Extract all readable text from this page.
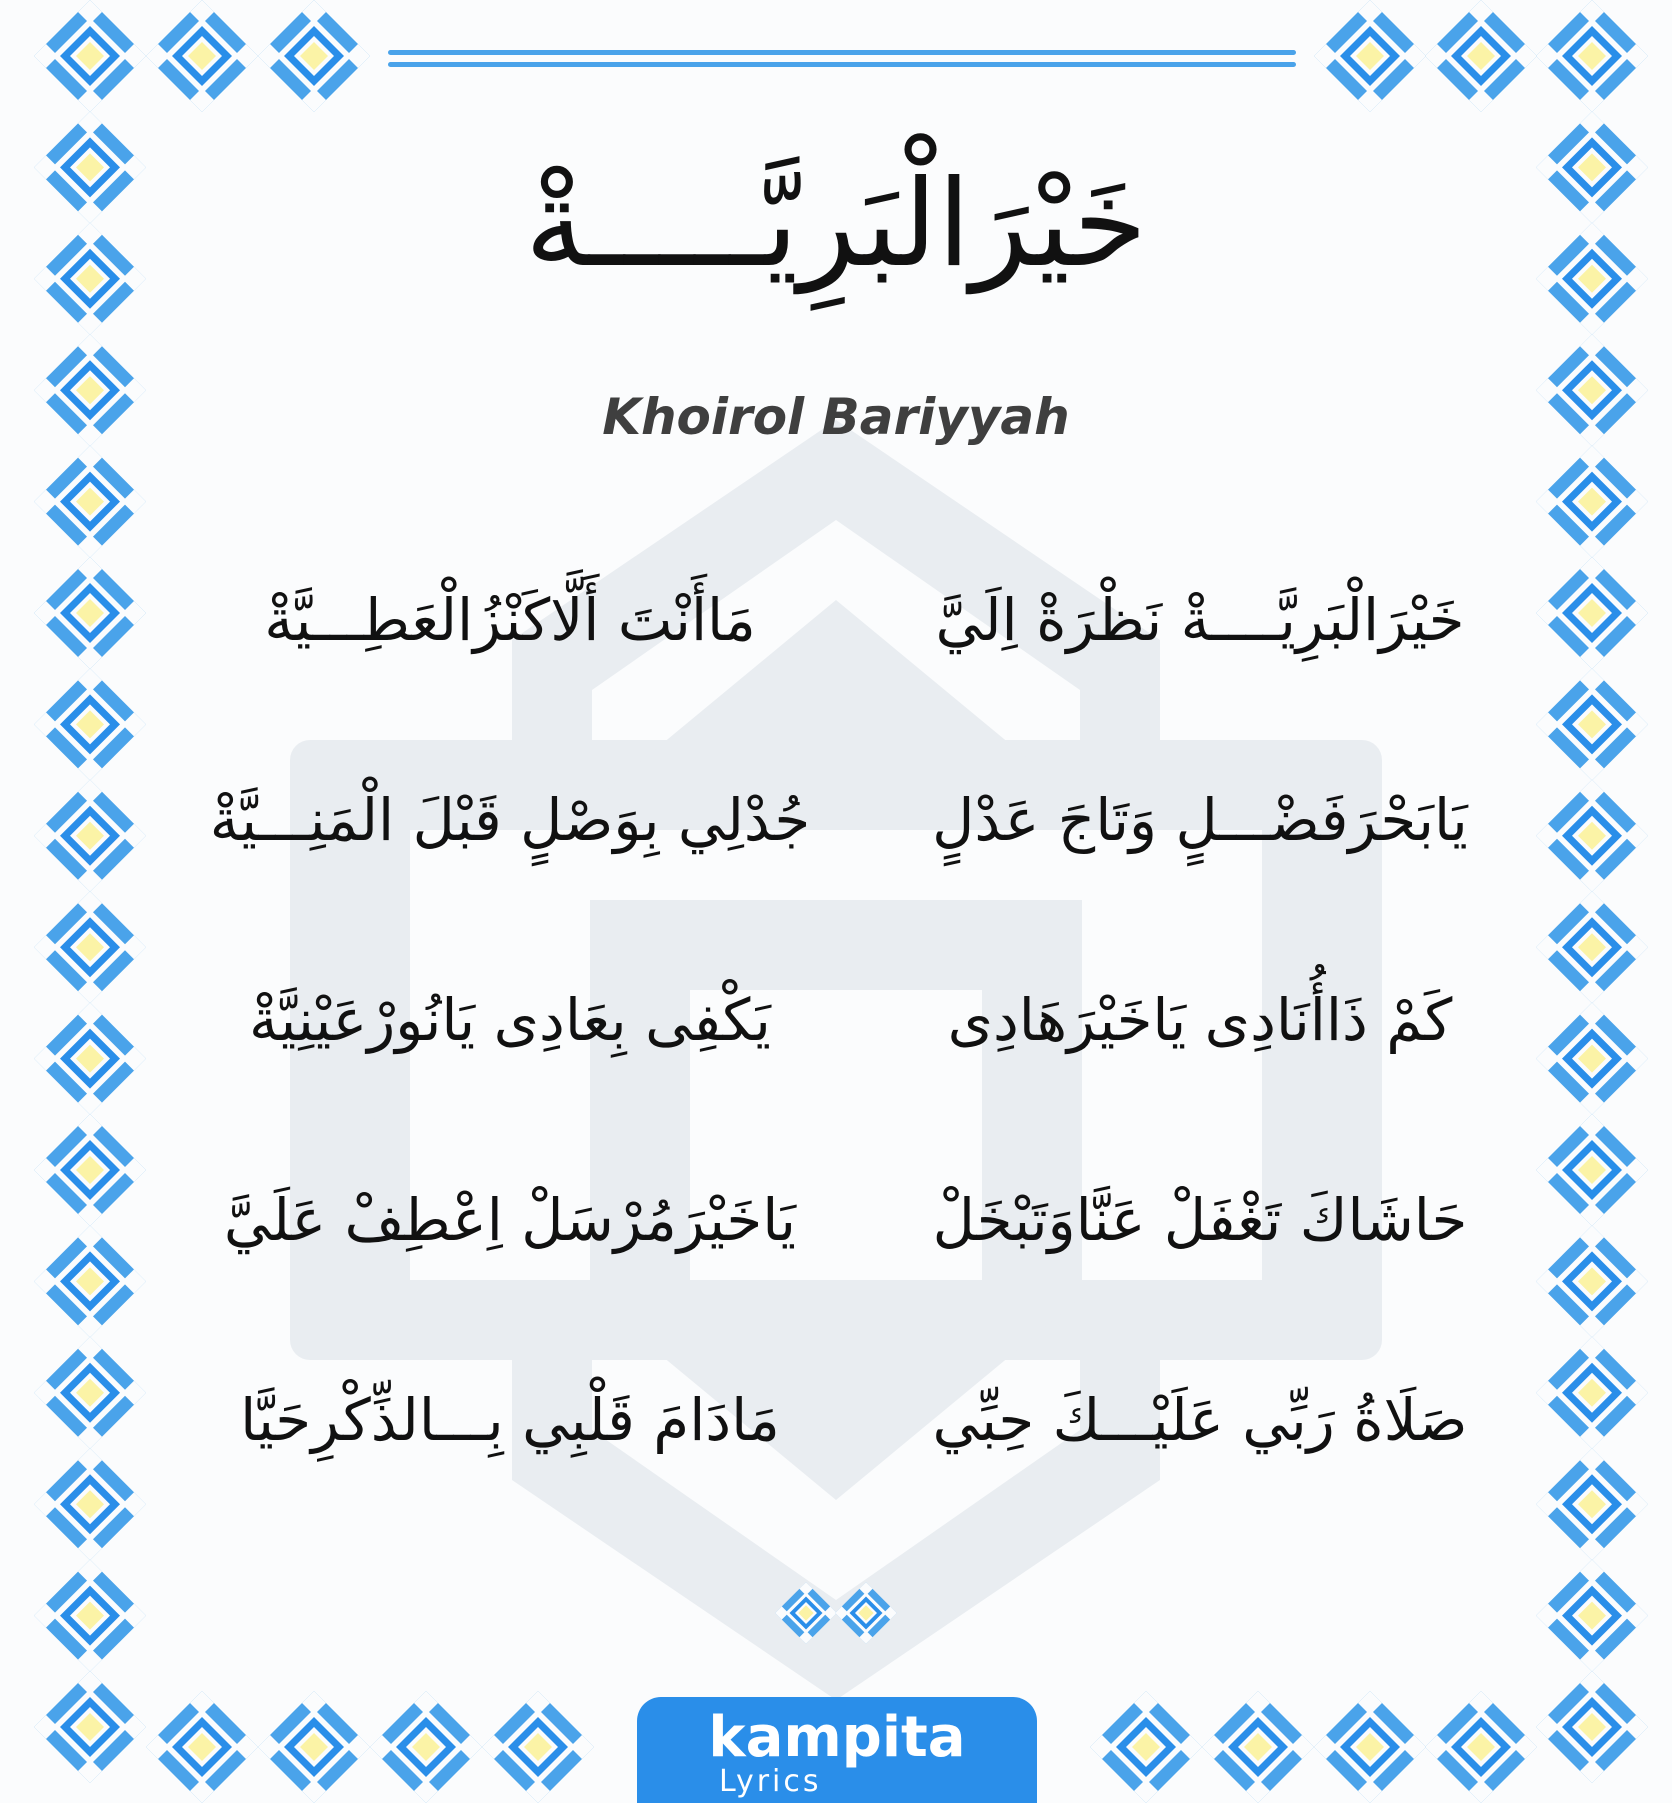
خَيْرَالْبَرِيَّـــــةْ
Khoirol Bariyyah
خَيْرَالْبَرِيَّــــةْ نَظْرَةْ اِلَيَّ
مَاأَنْتَ أَلَّاكَنْزُالْعَطِـــيَّةْ
يَابَحْرَفَضْـــلٍ وَتَاجَ عَدْلٍ
جُدْلِي بِوَصْلٍ قَبْلَ الْمَنِـــيَّةْ
كَمْ ذَاأُنَادِى يَاخَيْرَهَادِى
يَكْفِى بِعَادِى يَانُورْعَيْنِيَّةْ
حَاشَاكَ تَغْفَلْ عَنَّاوَتَبْخَلْ
يَاخَيْرَمُرْسَلْ اِعْطِفْ عَلَيَّ
صَلَاةُ رَبِّي عَلَيْـــكَ حِبِّي
مَادَامَ قَلْبِي بِـــالذِّكْرِحَيَّا
kampita
Lyrics
